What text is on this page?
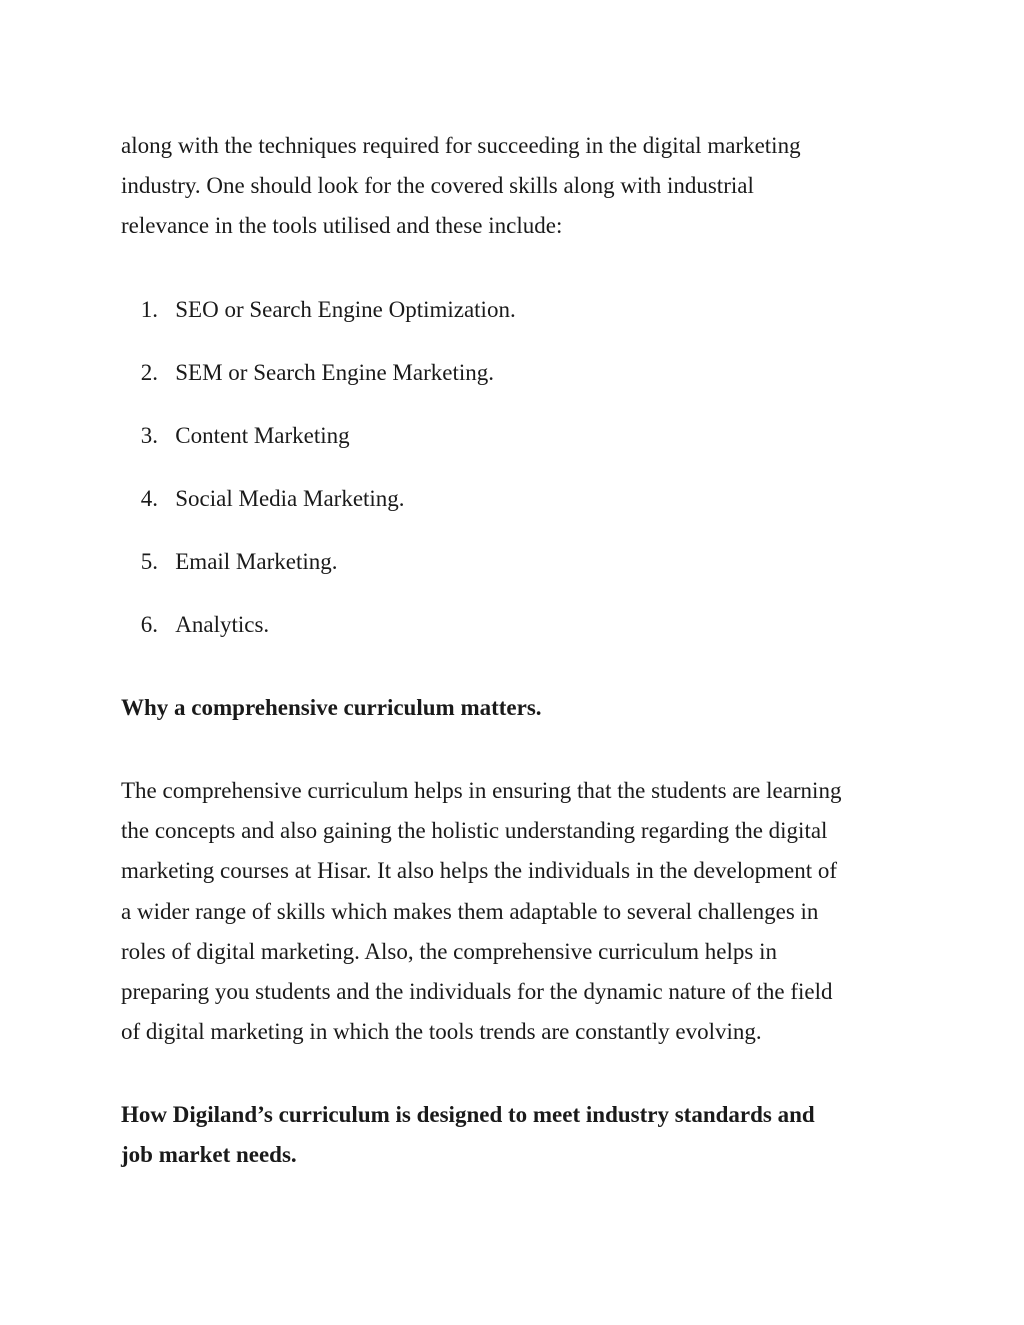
along with the techniques required for succeeding in the digital marketing
industry. One should look for the covered skills along with industrial
relevance in the tools utilised and these include:

1. SEO or Search Engine Optimization.
2. SEM or Search Engine Marketing.
3. Content Marketing
4. Social Media Marketing.
5. Email Marketing.
6. Analytics.
Why a comprehensive curriculum matters.

The comprehensive curriculum helps in ensuring that the students are learning
the concepts and also gaining the holistic understanding regarding the digital
marketing courses at Hisar. It also helps the individuals in the development of
a wider range of skills which makes them adaptable to several challenges in
roles of digital marketing. Also, the comprehensive curriculum helps in
preparing you students and the individuals for the dynamic nature of the field
of digital marketing in which the tools trends are constantly evolving.

How Digiland’s curriculum is designed to meet industry standards and
job market needs.
